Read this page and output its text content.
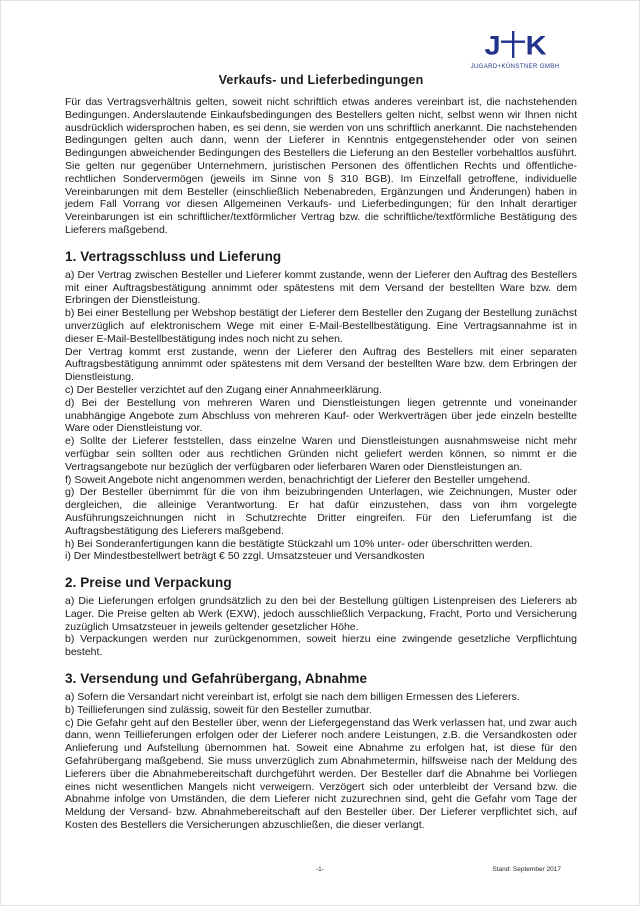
J K
JUGARD+KÜNSTNER GMBH
Verkaufs- und Lieferbedingungen

Für das Vertragsverhältnis gelten, soweit nicht schriftlich etwas anderes vereinbart ist, die nachstehenden Bedingungen. Anderslautende Einkaufsbedingungen des Bestellers gelten nicht, selbst wenn wir Ihnen nicht ausdrücklich widersprochen haben, es sei denn, sie werden von uns schriftlich anerkannt. Die nachstehenden Bedingungen gelten auch dann, wenn der Lieferer in Kenntnis entgegenstehender oder von seinen Bedingungen abweichender Bedingungen des Bestellers die Lieferung an den Besteller vorbehaltlos ausführt. Sie gelten nur gegenüber Unternehmern, juristischen Personen des öffentlichen Rechts und öffentliche-rechtlichen Sondervermögen (jeweils im Sinne von § 310 BGB). Im Einzelfall getroffene, individuelle Vereinbarungen mit dem Besteller (einschließlich Nebenabreden, Ergänzungen und Änderungen) haben in jedem Fall Vorrang vor diesen Allgemeinen Verkaufs- und Lieferbedingungen; für den Inhalt derartiger Vereinbarungen ist ein schriftlicher/textförmlicher Vertrag bzw. die schriftliche/textförmliche Bestätigung des Lieferers maßgebend.

1. Vertragsschluss und Lieferung

a) Der Vertrag zwischen Besteller und Lieferer kommt zustande, wenn der Lieferer den Auftrag des Bestellers mit einer Auftragsbestätigung annimmt oder spätestens mit dem Versand der bestellten Ware bzw. dem Erbringen der Dienstleistung.

b) Bei einer Bestellung per Webshop bestätigt der Lieferer dem Besteller den Zugang der Bestellung zunächst unverzüglich auf elektronischem Wege mit einer E-Mail-Bestellbestätigung. Eine Vertragsannahme ist in dieser E-Mail-Bestellbestätigung indes noch nicht zu sehen.

Der Vertrag kommt erst zustande, wenn der Lieferer den Auftrag des Bestellers mit einer separaten Auftragsbestätigung annimmt oder spätestens mit dem Versand der bestellten Ware bzw. dem Erbringen der Dienstleistung.

c) Der Besteller verzichtet auf den Zugang einer Annahmeerklärung.

d) Bei der Bestellung von mehreren Waren und Dienstleistungen liegen getrennte und voneinander unabhängige Angebote zum Abschluss von mehreren Kauf- oder Werkverträgen über jede einzeln bestellte Ware oder Dienstleistung vor.

e) Sollte der Lieferer feststellen, dass einzelne Waren und Dienstleistungen ausnahmsweise nicht mehr verfügbar sein sollten oder aus rechtlichen Gründen nicht geliefert werden können, so nimmt er die Vertragsangebote nur bezüglich der verfügbaren oder lieferbaren Waren oder Dienstleistungen an.

f) Soweit Angebote nicht angenommen werden, benachrichtigt der Lieferer den Besteller umgehend.

g) Der Besteller übernimmt für die von ihm beizubringenden Unterlagen, wie Zeichnungen, Muster oder dergleichen, die alleinige Verantwortung. Er hat dafür einzustehen, dass von ihm vorgelegte Ausführungszeichnungen nicht in Schutzrechte Dritter eingreifen. Für den Lieferumfang ist die Auftragsbestätigung des Lieferers maßgebend.

h) Bei Sonderanfertigungen kann die bestätigte Stückzahl um 10% unter- oder überschritten werden.

i) Der Mindestbestellwert beträgt € 50 zzgl. Umsatzsteuer und Versandkosten

2. Preise und Verpackung

a) Die Lieferungen erfolgen grundsätzlich zu den bei der Bestellung gültigen Listenpreisen des Lieferers ab Lager. Die Preise gelten ab Werk (EXW), jedoch ausschließlich Verpackung, Fracht, Porto und Versicherung zuzüglich Umsatzsteuer in jeweils geltender gesetzlicher Höhe.

b) Verpackungen werden nur zurückgenommen, soweit hierzu eine zwingende gesetzliche Verpflichtung besteht.

3. Versendung und Gefahrübergang, Abnahme

a) Sofern die Versandart nicht vereinbart ist, erfolgt sie nach dem billigen Ermessen des Lieferers.

b) Teillieferungen sind zulässig, soweit für den Besteller zumutbar.

c) Die Gefahr geht auf den Besteller über, wenn der Liefergegenstand das Werk verlassen hat, und zwar auch dann, wenn Teillieferungen erfolgen oder der Lieferer noch andere Leistungen, z.B. die Versandkosten oder Anlieferung und Aufstellung übernommen hat. Soweit eine Abnahme zu erfolgen hat, ist diese für den Gefahrübergang maßgebend. Sie muss unverzüglich zum Abnahmetermin, hilfsweise nach der Meldung des Lieferers über die Abnahmebereitschaft durchgeführt werden. Der Besteller darf die Abnahme bei Vorliegen eines nicht wesentlichen Mangels nicht verweigern. Verzögert sich oder unterbleibt der Versand bzw. die Abnahme infolge von Umständen, die dem Lieferer nicht zuzurechnen sind, geht die Gefahr vom Tage der Meldung der Versand- bzw. Abnahmebereitschaft auf den Besteller über. Der Lieferer verpflichtet sich, auf Kosten des Bestellers die Versicherungen abzuschließen, die dieser verlangt.

-1-	Stand: September 2017
